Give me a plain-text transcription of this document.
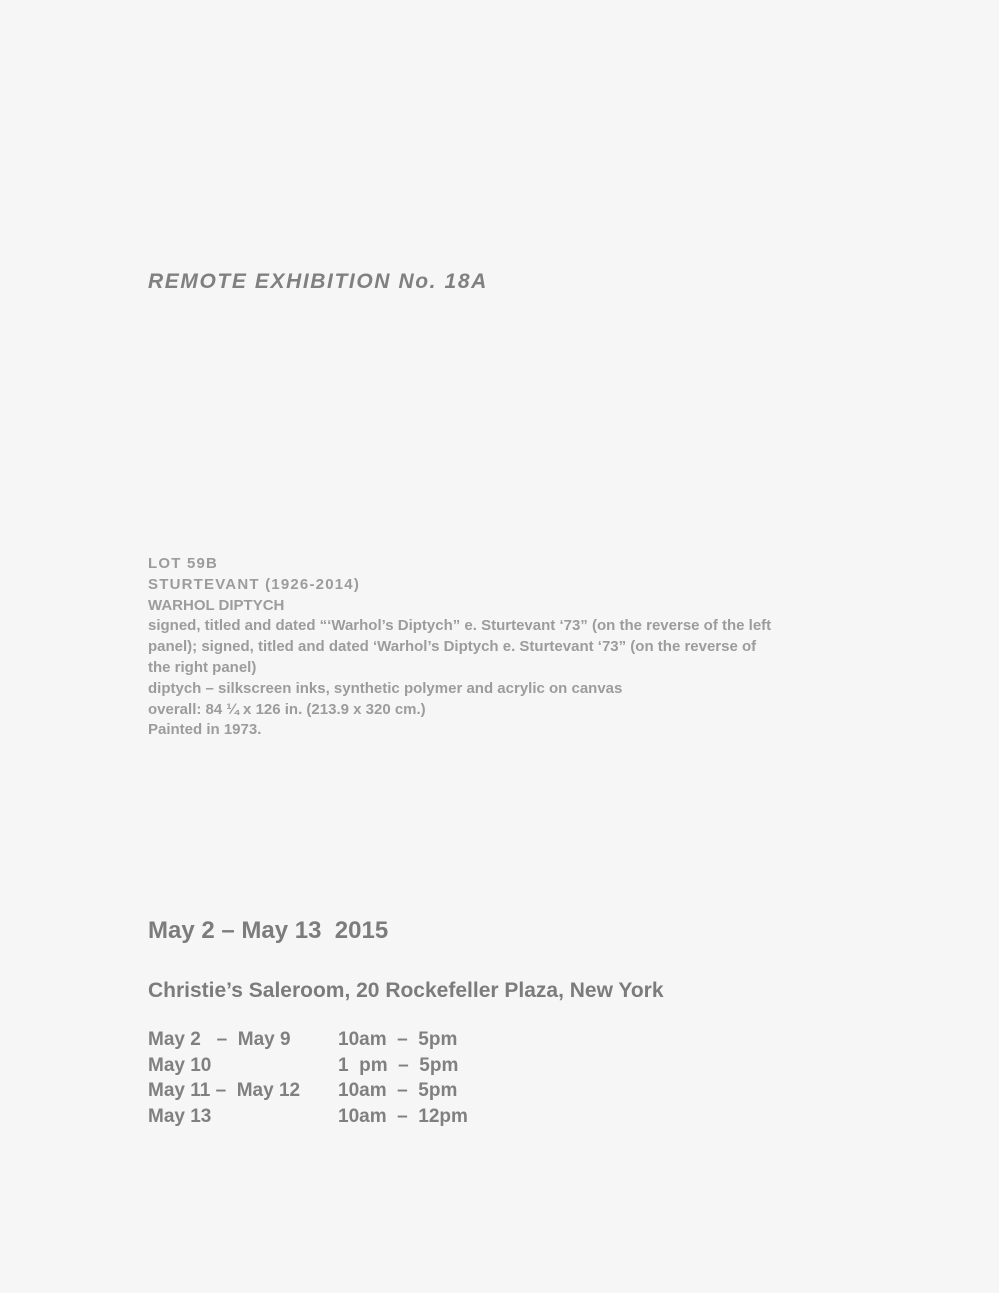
REMOTE EXHIBITION No. 18A
LOT 59B
STURTEVANT (1926-2014)
WARHOL DIPTYCH
signed, titled and dated “‘Warhol’s Diptych” e. Sturtevant ‘73” (on the reverse of the left
panel); signed, titled and dated ‘Warhol’s Diptych e. Sturtevant ‘73” (on the reverse of
the right panel)
diptych – silkscreen inks, synthetic polymer and acrylic on canvas
overall: 84 ¼ x 126 in. (213.9 x 320 cm.)
Painted in 1973.
May 2 – May 13  2015
Christie’s Saleroom, 20 Rockefeller Plaza, New York
May 2   –  May 9	10am  –  5pm
May 10	1  pm  –  5pm
May 11 –  May 12	10am  –  5pm
May 13	10am  –  12pm
